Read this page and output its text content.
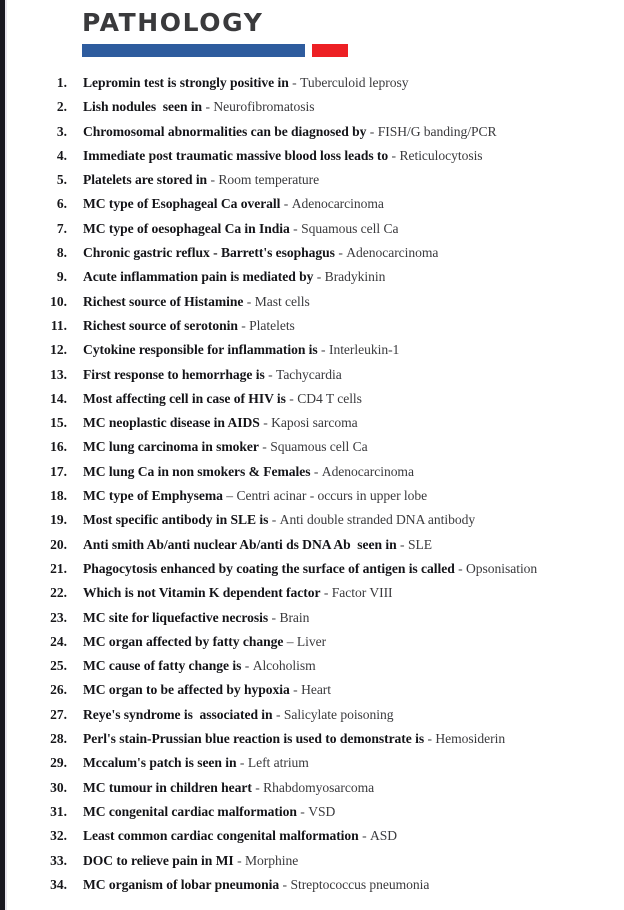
PATHOLOGY
1.	Lepromin test is strongly positive in - Tuberculoid leprosy
2.	Lish nodules  seen in - Neurofibromatosis
3.	Chromosomal abnormalities can be diagnosed by - FISH/G banding/PCR
4.	Immediate post traumatic massive blood loss leads to - Reticulocytosis
5.	Platelets are stored in - Room temperature
6.	MC type of Esophageal Ca overall - Adenocarcinoma
7.	MC type of oesophageal Ca in India - Squamous cell Ca
8.	Chronic gastric reflux - Barrett's esophagus - Adenocarcinoma
9.	Acute inflammation pain is mediated by - Bradykinin
10.	Richest source of Histamine - Mast cells
11.	Richest source of serotonin - Platelets
12.	Cytokine responsible for inflammation is - Interleukin-1
13.	First response to hemorrhage is - Tachycardia
14.	Most affecting cell in case of HIV is - CD4 T cells
15.	MC neoplastic disease in AIDS - Kaposi sarcoma
16.	MC lung carcinoma in smoker - Squamous cell Ca
17.	MC lung Ca in non smokers & Females - Adenocarcinoma
18.	MC type of Emphysema – Centri acinar - occurs in upper lobe
19.	Most specific antibody in SLE is - Anti double stranded DNA antibody
20.	Anti smith Ab/anti nuclear Ab/anti ds DNA Ab  seen in - SLE
21.	Phagocytosis enhanced by coating the surface of antigen is called - Opsonisation
22.	Which is not Vitamin K dependent factor - Factor VIII
23.	MC site for liquefactive necrosis - Brain
24.	MC organ affected by fatty change – Liver
25.	MC cause of fatty change is - Alcoholism
26.	MC organ to be affected by hypoxia - Heart
27.	Reye's syndrome is  associated in - Salicylate poisoning
28.	Perl's stain-Prussian blue reaction is used to demonstrate is - Hemosiderin
29.	Mccalum's patch is seen in - Left atrium
30.	MC tumour in children heart - Rhabdomyosarcoma
31.	MC congenital cardiac malformation - VSD
32.	Least common cardiac congenital malformation - ASD
33.	DOC to relieve pain in MI - Morphine
34.	MC organism of lobar pneumonia - Streptococcus pneumonia
